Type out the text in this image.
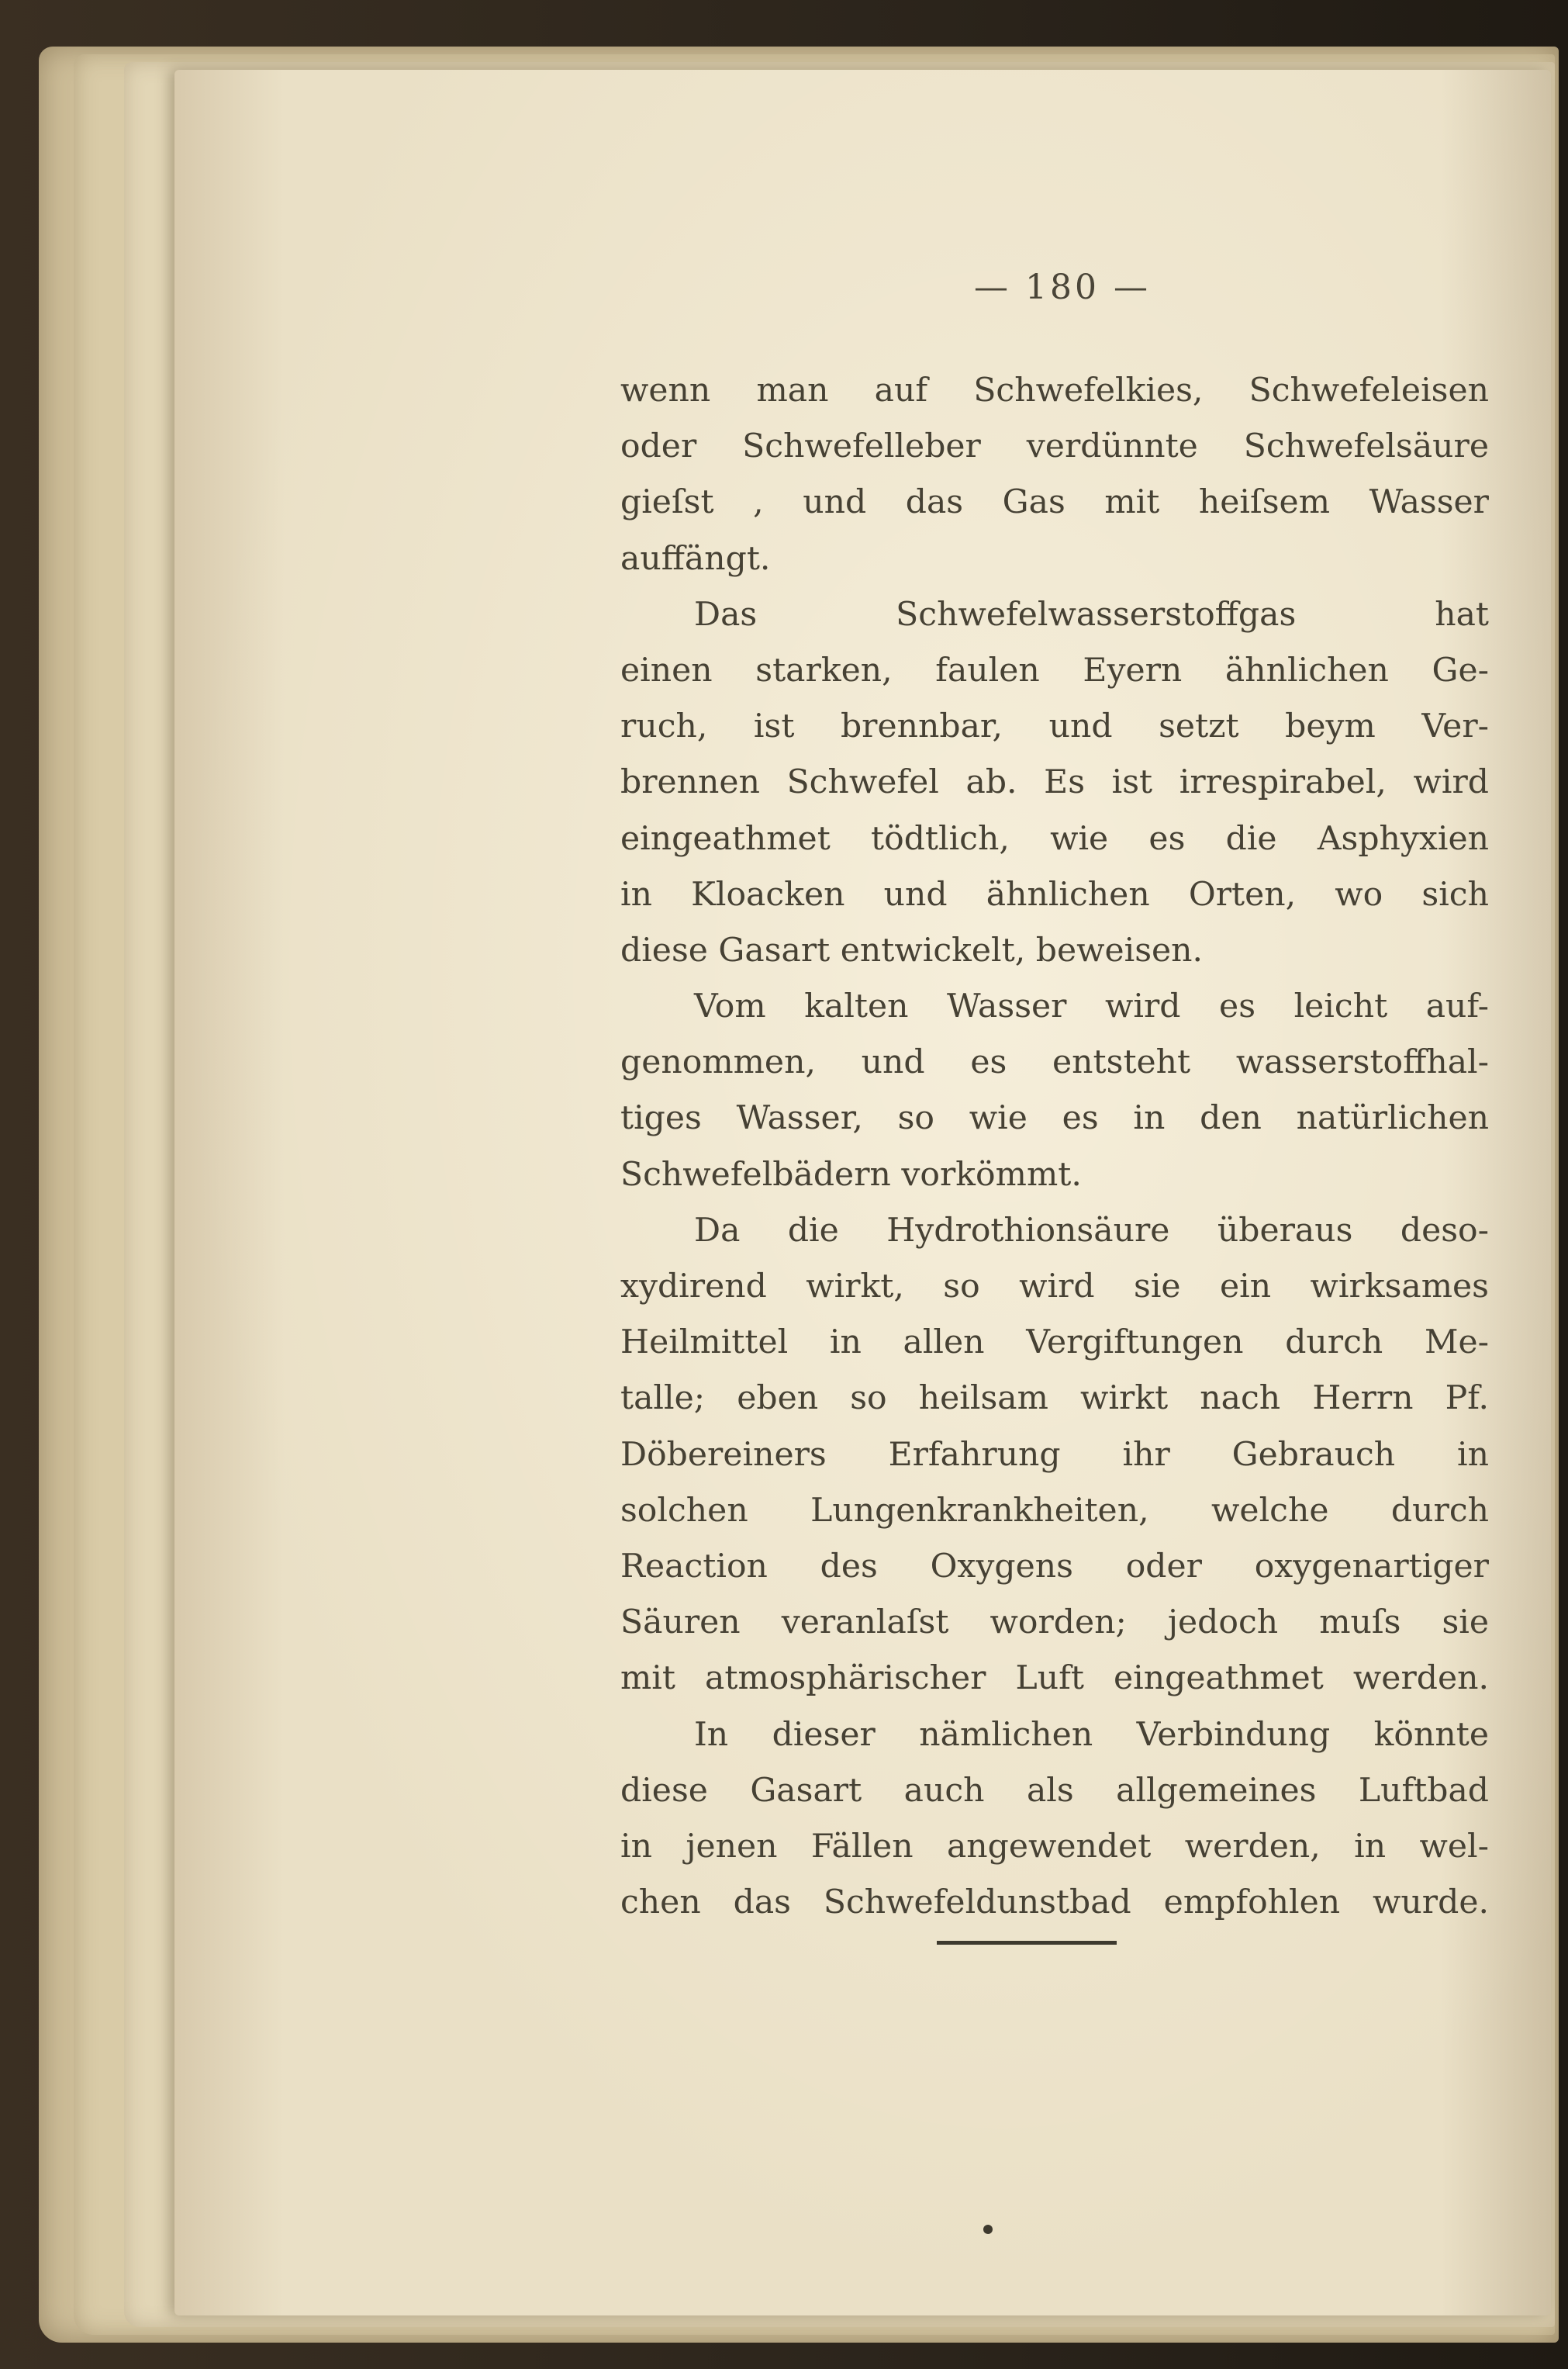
— 180 —
wenn man auf Schwefelkies, Schwefeleisen
oder Schwefelleber verdünnte Schwefelsäure
gieſst , und das Gas mit heiſsem Wasser
auffängt.
Das Schwefelwasserstoffgas hat
einen starken, faulen Eyern ähnlichen Ge-
ruch, ist brennbar, und setzt beym Ver-
brennen Schwefel ab. Es ist irrespirabel, wird
eingeathmet tödtlich, wie es die Asphyxien
in Kloacken und ähnlichen Orten, wo sich
diese Gasart entwickelt, beweisen.
Vom kalten Wasser wird es leicht auf-
genommen, und es entsteht wasserstoffhal-
tiges Wasser, so wie es in den natürlichen
Schwefelbädern vorkömmt.
Da die Hydrothionsäure überaus deso-
xydirend wirkt, so wird sie ein wirksames
Heilmittel in allen Vergiftungen durch Me-
talle; eben so heilsam wirkt nach Herrn Pf.
Döbereiners Erfahrung ihr Gebrauch in
solchen Lungenkrankheiten, welche durch
Reaction des Oxygens oder oxygenartiger
Säuren veranlaſst worden; jedoch muſs sie
mit atmosphärischer Luft eingeathmet werden.
In dieser nämlichen Verbindung könnte
diese Gasart auch als allgemeines Luftbad
in jenen Fällen angewendet werden, in wel-
chen das Schwefeldunstbad empfohlen wurde.
